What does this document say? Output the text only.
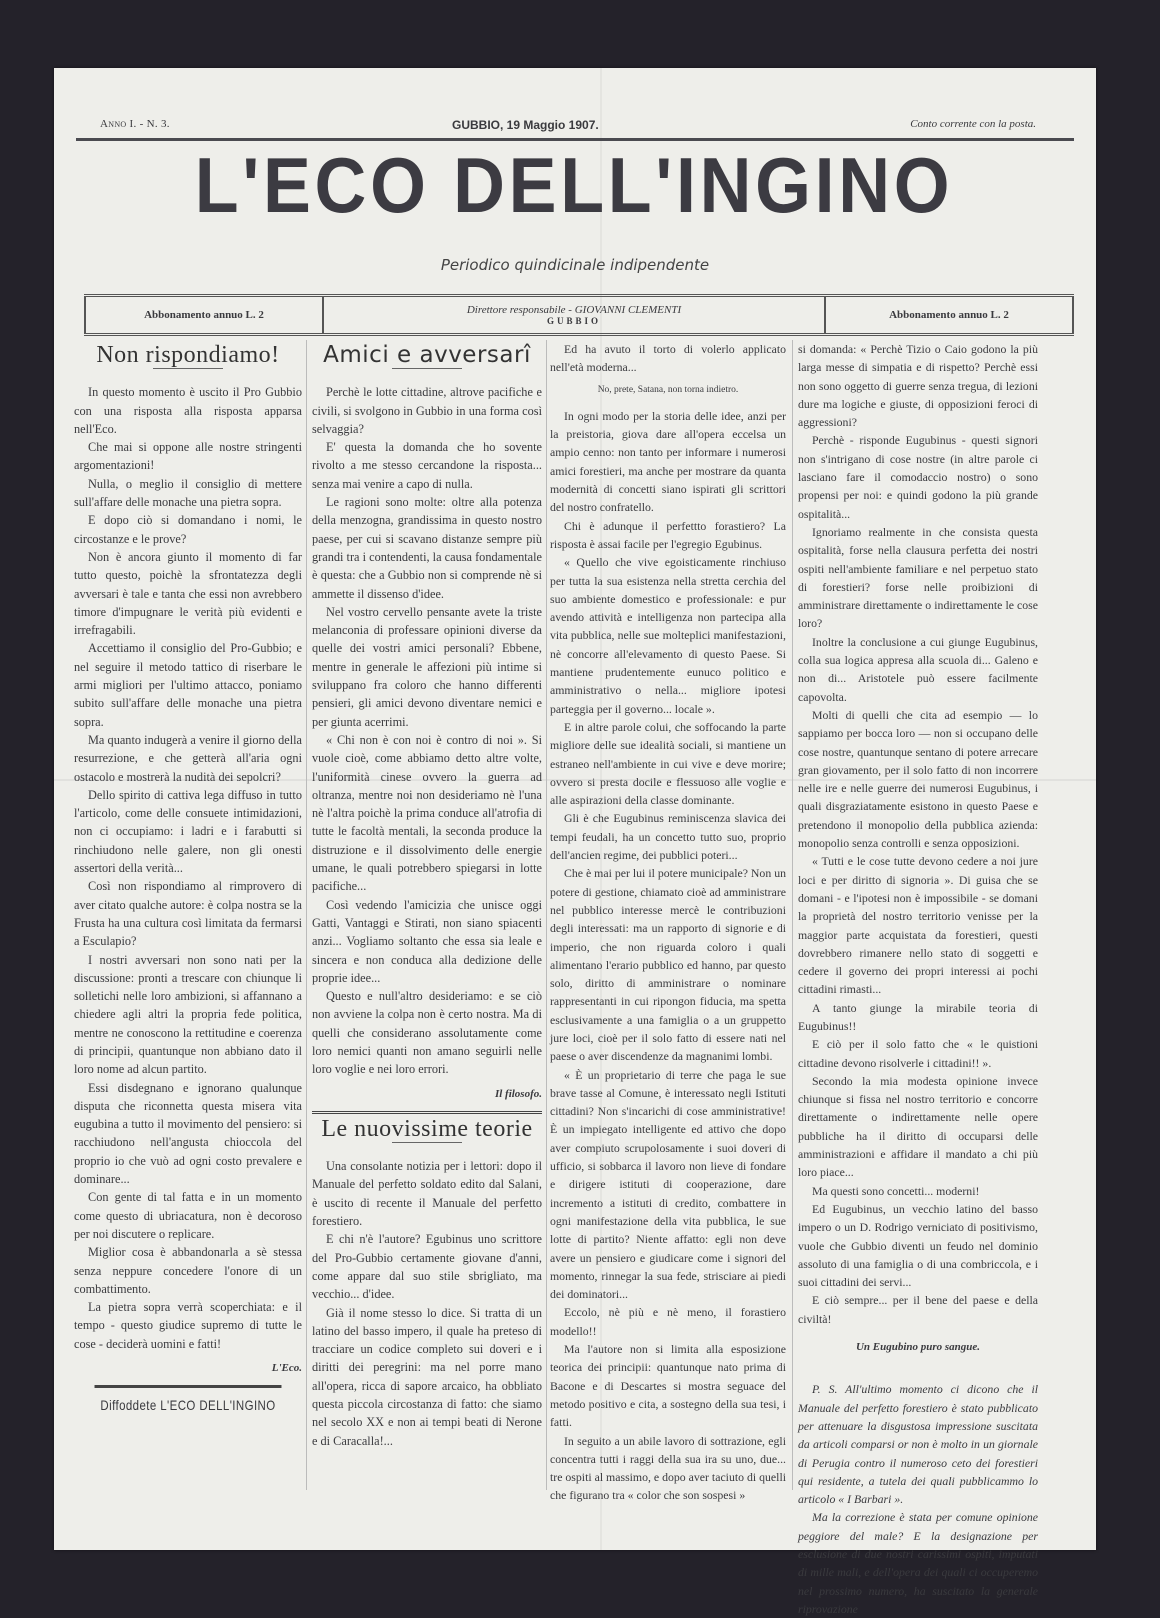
Anno I. - N. 3.	GUBBIO, 19 Maggio 1907.	Conto corrente con la posta.
L'ECO DELL'INGINO
Periodico quindicinale indipendente
Abbonamento annuo L. 2	Direttore responsabile - GIOVANNI CLEMENTI
GUBBIO	Abbonamento annuo L. 2
Non rispondiamo!

In questo momento è uscito il Pro Gubbio con una risposta alla risposta apparsa nell'Eco.

Che mai si oppone alle nostre stringenti argomentazioni!

Nulla, o meglio il consiglio di mettere sull'affare delle monache una pietra sopra.

E dopo ciò si domandano i nomi, le circostanze e le prove?

Non è ancora giunto il momento di far tutto questo, poichè la sfrontatezza degli avversari è tale e tanta che essi non avrebbero timore d'impugnare le verità più evidenti e irrefragabili.

Accettiamo il consiglio del Pro-Gubbio; e nel seguire il metodo tattico di riserbare le armi migliori per l'ultimo attacco, poniamo subito sull'affare delle monache una pietra sopra.

Ma quanto indugerà a venire il giorno della resurrezione, e che getterà all'aria ogni ostacolo e mostrerà la nudità dei sepolcri?

Dello spirito di cattiva lega diffuso in tutto l'articolo, come delle consuete intimidazioni, non ci occupiamo: i ladri e i farabutti si rinchiudono nelle galere, non gli onesti assertori della verità...

Così non rispondiamo al rimprovero di aver citato qualche autore: è colpa nostra se la Frusta ha una cultura così limitata da fermarsi a Esculapio?

I nostri avversari non sono nati per la discussione: pronti a trescare con chiunque li solletichi nelle loro ambizioni, si affannano a chiedere agli altri la propria fede politica, mentre ne conoscono la rettitudine e coerenza di principii, quantunque non abbiano dato il loro nome ad alcun partito.

Essi disdegnano e ignorano qualunque disputa che riconnetta questa misera vita eugubina a tutto il movimento del pensiero: si racchiudono nell'angusta chioccola del proprio io che vuò ad ogni costo prevalere e dominare...

Con gente di tal fatta e in un momento come questo di ubriacatura, non è decoroso per noi discutere o replicare.

Miglior cosa è abbandonarla a sè stessa senza neppure concedere l'onore di un combattimento.

La pietra sopra verrà scoperchiata: e il tempo - questo giudice supremo di tutte le cose - deciderà uomini e fatti!

L'Eco.
Diffoddete L'ECO DELL'INGINO
Amici e avversarî

Perchè le lotte cittadine, altrove pacifiche e civili, si svolgono in Gubbio in una forma così selvaggia?

E' questa la domanda che ho sovente rivolto a me stesso cercandone la risposta... senza mai venire a capo di nulla.

Le ragioni sono molte: oltre alla potenza della menzogna, grandissima in questo nostro paese, per cui si scavano distanze sempre più grandi tra i contendenti, la causa fondamentale è questa: che a Gubbio non si comprende nè si ammette il dissenso d'idee.

Nel vostro cervello pensante avete la triste melanconia di professare opinioni diverse da quelle dei vostri amici personali? Ebbene, mentre in generale le affezioni più intime si sviluppano fra coloro che hanno differenti pensieri, gli amici devono diventare nemici e per giunta acerrimi.

« Chi non è con noi è contro di noi ». Si vuole cioè, come abbiamo detto altre volte, l'uniformità cinese ovvero la guerra ad oltranza, mentre noi non desideriamo nè l'una nè l'altra poichè la prima conduce all'atrofia di tutte le facoltà mentali, la seconda produce la distruzione e il dissolvimento delle energie umane, le quali potrebbero spiegarsi in lotte pacifiche...

Così vedendo l'amicizia che unisce oggi Gatti, Vantaggi e Stirati, non siano spiacenti anzi... Vogliamo soltanto che essa sia leale e sincera e non conduca alla dedizione delle proprie idee...

Questo e null'altro desideriamo: e se ciò non avviene la colpa non è certo nostra. Ma di quelli che considerano assolutamente come loro nemici quanti non amano seguirli nelle loro voglie e nei loro errori.

Il filosofo.
Le nuovissime teorie

Una consolante notizia per i lettori: dopo il Manuale del perfetto soldato edito dal Salani, è uscito di recente il Manuale del perfetto forestiero.

E chi n'è l'autore? Egubinus uno scrittore del Pro-Gubbio certamente giovane d'anni, come appare dal suo stile sbrigliato, ma vecchio... d'idee.

Già il nome stesso lo dice. Si tratta di un latino del basso impero, il quale ha preteso di tracciare un codice completo sui doveri e i diritti dei peregrini: ma nel porre mano all'opera, ricca di sapore arcaico, ha obbliato questa piccola circostanza di fatto: che siamo nel secolo XX e non ai tempi beati di Nerone e di Caracalla!...

Ed ha avuto il torto di volerlo applicato nell'età moderna...

No, prete, Satana, non torna indietro.

In ogni modo per la storia delle idee, anzi per la preistoria, giova dare all'opera eccelsa un ampio cenno: non tanto per informare i numerosi amici forestieri, ma anche per mostrare da quanta modernità di concetti siano ispirati gli scrittori del nostro confratello.

Chi è adunque il perfettto forastiero? La risposta è assai facile per l'egregio Egubinus.

« Quello che vive egoisticamente rinchiuso per tutta la sua esistenza nella stretta cerchia del suo ambiente domestico e professionale: e pur avendo attività e intelligenza non partecipa alla vita pubblica, nelle sue molteplici manifestazioni, nè concorre all'elevamento di questo Paese. Si mantiene prudentemente eunuco politico e amministrativo o nella... migliore ipotesi parteggia per il governo... locale ».

E in altre parole colui, che soffocando la parte migliore delle sue idealità sociali, si mantiene un estraneo nell'ambiente in cui vive e deve morire; ovvero si presta docile e flessuoso alle voglie e alle aspirazioni della classe dominante.

Gli è che Eugubinus reminiscenza slavica dei tempi feudali, ha un concetto tutto suo, proprio dell'ancien regime, dei pubblici poteri...

Che è mai per lui il potere municipale? Non un potere di gestione, chiamato cioè ad amministrare nel pubblico interesse mercè le contribuzioni degli interessati: ma un rapporto di signorie e di imperio, che non riguarda coloro i quali alimentano l'erario pubblico ed hanno, par questo solo, diritto di amministrare o nominare rappresentanti in cui ripongon fiducia, ma spetta esclusivamente a una famiglia o a un gruppetto jure loci, cioè per il solo fatto di essere nati nel paese o aver discendenze da magnanimi lombi.

« È un proprietario di terre che paga le sue brave tasse al Comune, è interessato negli Istituti cittadini? Non s'incarichi di cose amministrative! È un impiegato intelligente ed attivo che dopo aver compiuto scrupolosamente i suoi doveri di ufficio, si sobbarca il lavoro non lieve di fondare e dirigere istituti di cooperazione, dare incremento a istituti di credito, combattere in ogni manifestazione della vita pubblica, le sue lotte di partito? Niente affatto: egli non deve avere un pensiero e giudicare come i signori del momento, rinnegar la sua fede, strisciare ai piedi dei dominatori...

Eccolo, nè più e nè meno, il forastiero modello!!

Ma l'autore non si limita alla esposizione teorica dei principii: quantunque nato prima di Bacone e di Descartes si mostra seguace del metodo positivo e cita, a sostegno della sua tesi, i fatti.

In seguito a un abile lavoro di sottrazione, egli concentra tutti i raggi della sua ira su uno, due... tre ospiti al massimo, e dopo aver taciuto di quelli che figurano tra « color che son sospesi »

si domanda: « Perchè Tizio o Caio godono la più larga messe di simpatia e di rispetto? Perchè essi non sono oggetto di guerre senza tregua, di lezioni dure ma logiche e giuste, di opposizioni feroci di aggressioni?

Perchè - risponde Eugubinus - questi signori non s'intrigano di cose nostre (in altre parole ci lasciano fare il comodaccio nostro) o sono propensi per noi: e quindi godono la più grande ospitalità...

Ignoriamo realmente in che consista questa ospitalità, forse nella clausura perfetta dei nostri ospiti nell'ambiente familiare e nel perpetuo stato di forestieri? forse nelle proibizioni di amministrare direttamente o indirettamente le cose loro?

Inoltre la conclusione a cui giunge Eugubinus, colla sua logica appresa alla scuola di... Galeno e non di... Aristotele può essere facilmente capovolta.

Molti di quelli che cita ad esempio — lo sappiamo per bocca loro — non si occupano delle cose nostre, quantunque sentano di potere arrecare gran giovamento, per il solo fatto di non incorrere nelle ire e nelle guerre dei numerosi Eugubinus, i quali disgraziatamente esistono in questo Paese e pretendono il monopolio della pubblica azienda: monopolio senza controlli e senza opposizioni.

« Tutti e le cose tutte devono cedere a noi jure loci e per diritto di signoria ». Di guisa che se domani - e l'ipotesi non è impossibile - se domani la proprietà del nostro territorio venisse per la maggior parte acquistata da forestieri, questi dovrebbero rimanere nello stato di soggetti e cedere il governo dei propri interessi ai pochi cittadini rimasti...

A tanto giunge la mirabile teoria di Eugubinus!!

E ciò per il solo fatto che « le quistioni cittadine devono risolverle i cittadini!! ».

Secondo la mia modesta opinione invece chiunque si fissa nel nostro territorio e concorre direttamente o indirettamente nelle opere pubbliche ha il diritto di occuparsi delle amministrazioni e affidare il mandato a chi più loro piace...

Ma questi sono concetti... moderni!

Ed Eugubinus, un vecchio latino del basso impero o un D. Rodrigo verniciato di positivismo, vuole che Gubbio diventi un feudo nel dominio assoluto di una famiglia o di una combriccola, e i suoi cittadini dei servi...

E ciò sempre... per il bene del paese e della civiltà!

Un Eugubino puro sangue.

P. S. All'ultimo momento ci dicono che il Manuale del perfetto forestiero è stato pubblicato per attenuare la disgustosa impressione suscitata da articoli comparsi or non è molto in un giornale di Perugia contro il numeroso ceto dei forestieri qui residente, a tutela dei quali pubblicammo lo articolo « I Barbari ».

Ma la correzione è stata per comune opinione peggiore del male? E la designazione per esclusione di due nostri carissimi ospiti, imputati di mille mali, e dell'opera dei quali ci occuperemo nel prossimo numero, ha suscitato la generale riprovazione
